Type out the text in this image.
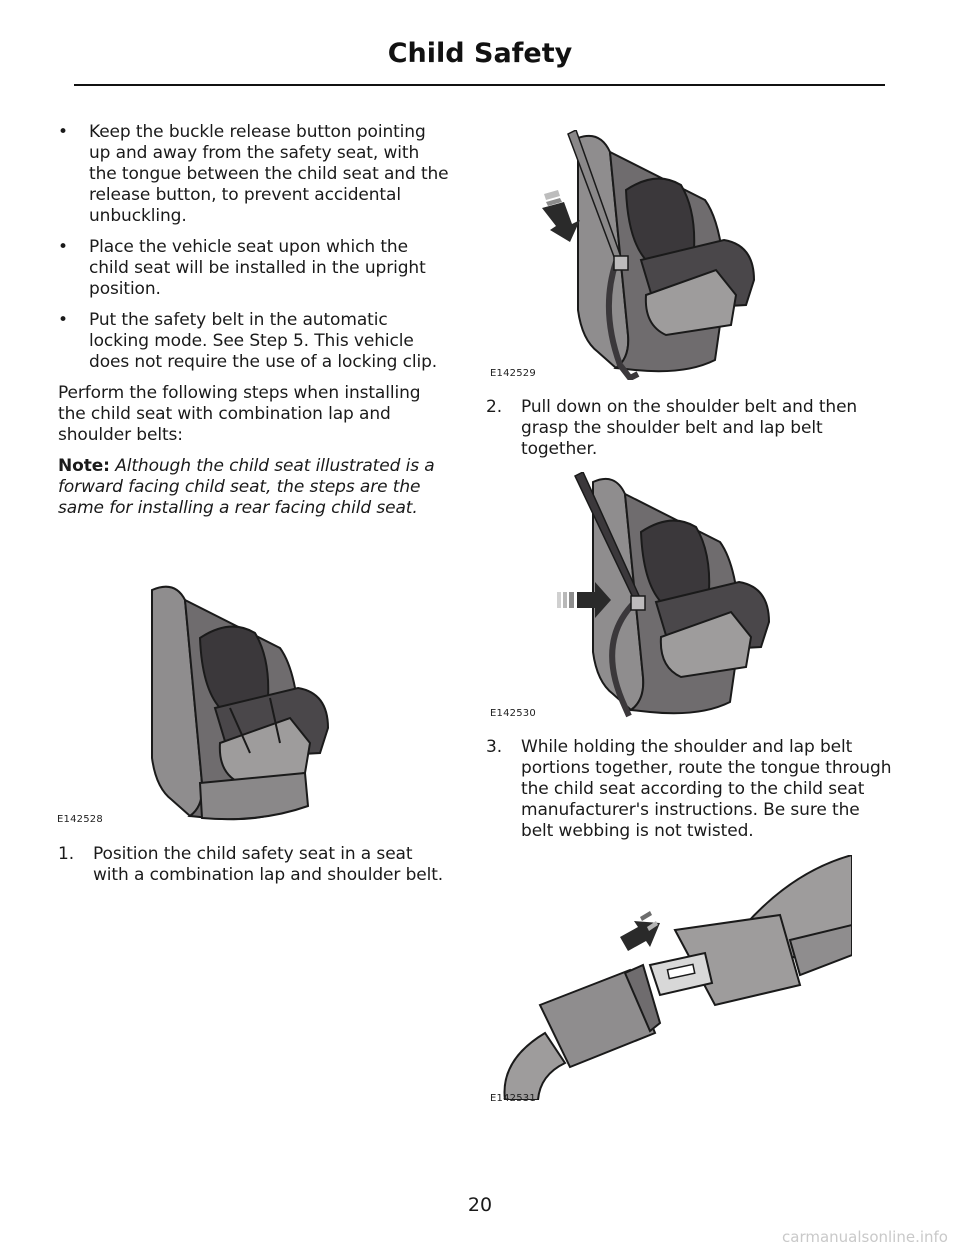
Child Safety
• Keep the buckle release button pointing up and away from the safety seat, with the tongue between the child seat and the release button, to prevent accidental unbuckling.
• Place the vehicle seat upon which the child seat will be installed in the upright position.
• Put the safety belt in the automatic locking mode. See Step 5. This vehicle does not require the use of a locking clip.

Perform the following steps when installing the child seat with combination lap and shoulder belts:

Note: Although the child seat illustrated is a forward facing child seat, the steps are the same for installing a rear facing child seat.

E142528
1.	Position the child safety seat in a seat with a combination lap and shoulder belt.
E142529
2.	Pull down on the shoulder belt and then grasp the shoulder belt and lap belt together.
E142530
3.	While holding the shoulder and lap belt portions together, route the tongue through the child seat according to the child seat manufacturer's instructions. Be sure the belt webbing is not twisted.
E142531
20
carmanualsonline.info
